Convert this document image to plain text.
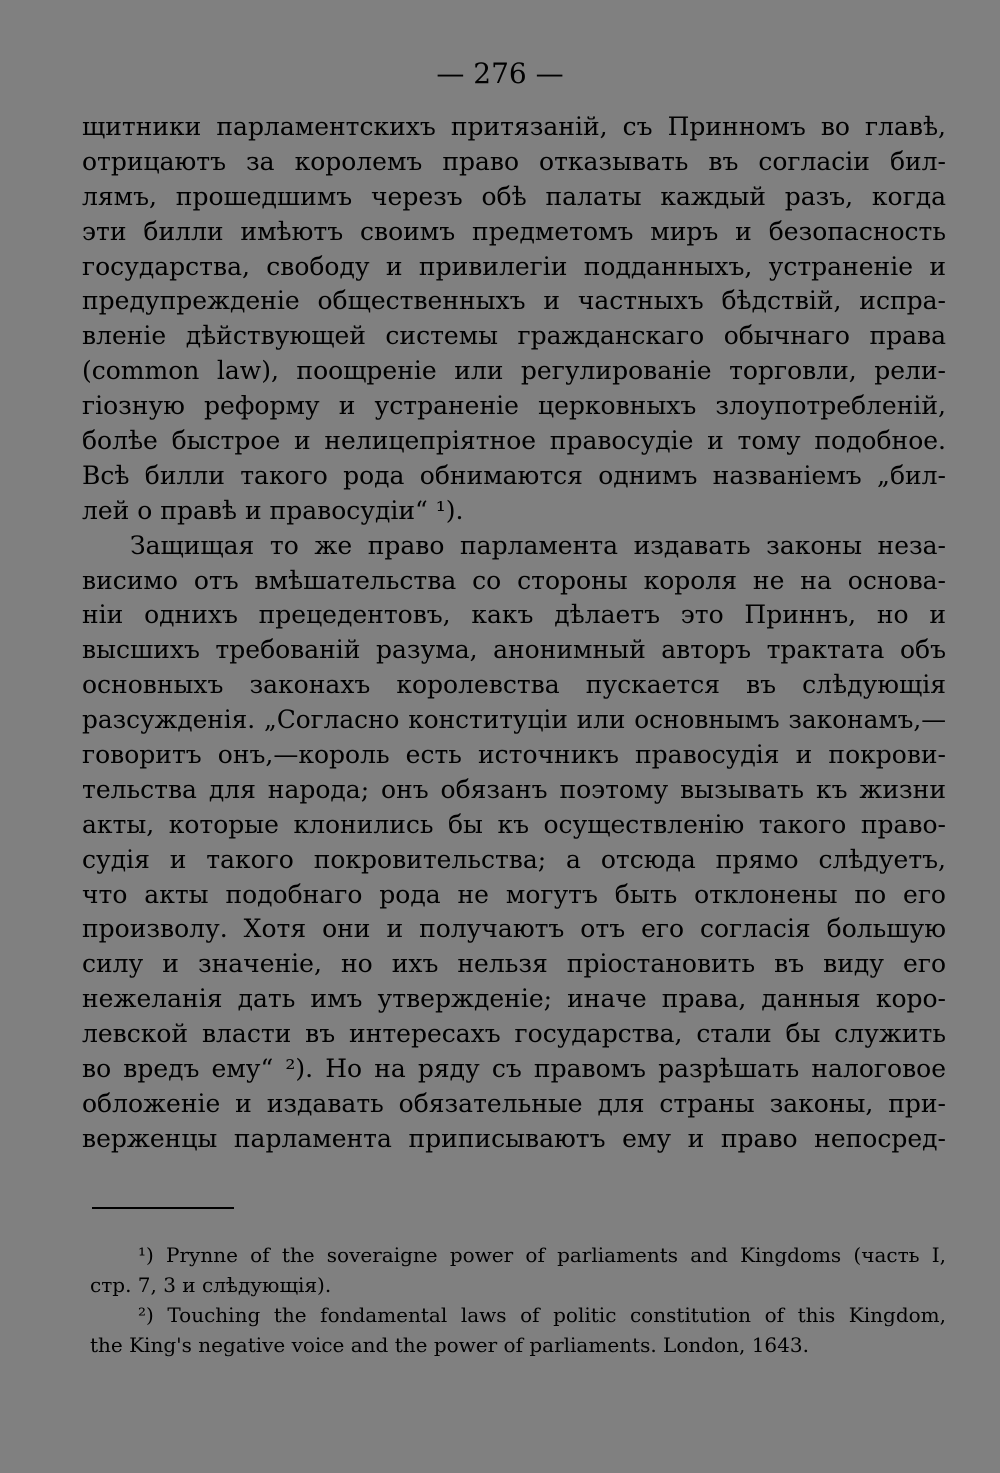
— 276 —
щитники парламентскихъ притязаній, съ Принномъ во главѣ,
отрицаютъ за королемъ право отказывать въ согласіи бил-
лямъ, прошедшимъ черезъ обѣ палаты каждый разъ, когда
эти билли имѣютъ своимъ предметомъ миръ и безопасность
государства, свободу и привилегіи подданныхъ, устраненіе и
предупрежденіе общественныхъ и частныхъ бѣдствій, испра-
вленіе дѣйствующей системы гражданскаго обычнаго права
(common law), поощреніе или регулированіе торговли, рели-
гіозную реформу и устраненіе церковныхъ злоупотребленій,
болѣе быстрое и нелицепріятное правосудіе и тому подобное.
Всѣ билли такого рода обнимаются однимъ названіемъ „бил-
лей о правѣ и правосудіи“ ¹).
Защищая то же право парламента издавать законы неза-
висимо отъ вмѣшательства со стороны короля не на основа-
ніи однихъ прецедентовъ, какъ дѣлаетъ это Приннъ, но и
высшихъ требованій разума, анонимный авторъ трактата объ
основныхъ законахъ королевства пускается въ слѣдующія
разсужденія. „Согласно конституціи или основнымъ законамъ,—
говоритъ онъ,—король есть источникъ правосудія и покрови-
тельства для народа; онъ обязанъ поэтому вызывать къ жизни
акты, которые клонились бы къ осуществленію такого право-
судія и такого покровительства; а отсюда прямо слѣдуетъ,
что акты подобнаго рода не могутъ быть отклонены по его
произволу. Хотя они и получаютъ отъ его согласія большую
силу и значеніе, но ихъ нельзя пріостановить въ виду его
нежеланія дать имъ утвержденіе; иначе права, данныя коро-
левской власти въ интересахъ государства, стали бы служить
во вредъ ему“ ²). Но на ряду съ правомъ разрѣшать налоговое
обложеніе и издавать обязательные для страны законы, при-
верженцы парламента приписываютъ ему и право непосред-
¹) Prynne of the soveraigne power of parliaments and Kingdoms (часть I,
стр. 7, 3 и слѣдующія).
²) Touching the fondamental laws of politic constitution of this Kingdom,
the King's negative voice and the power of parliaments. London, 1643.
